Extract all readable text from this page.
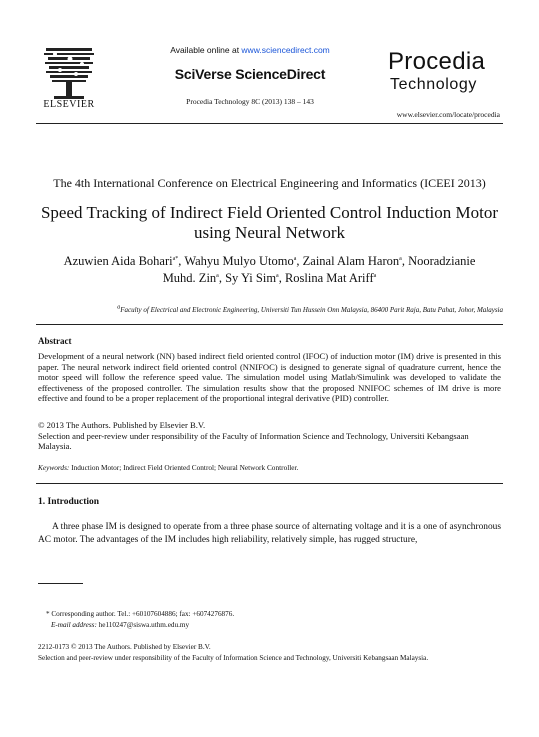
ELSEVIER
Available online at www.sciencedirect.com
SciVerse ScienceDirect
Procedia Technology 8C (2013) 138 – 143
Procedia
Technology
www.elsevier.com/locate/procedia
The 4th International Conference on Electrical Engineering and Informatics (ICEEI 2013)
Speed Tracking of Indirect Field Oriented Control Induction Motor using Neural Network
Azuwien Aida Bohari$^{a*}$, Wahyu Mulyo Utomo$^a$, Zainal Alam Haron$^a$, Nooradzianie Muhd. Zin$^a$, Sy Yi Sim$^a$, Roslina Mat Ariff$^a$
$^a$Faculty of Electrical and Electronic Engineering, Universiti Tun Hussein Onn Malaysia, 86400 Parit Raja, Batu Pahat, Johor, Malaysia
Abstract
Development of a neural network (NN) based indirect field oriented control (IFOC) of induction motor (IM) drive is presented in this paper. The neural network indirect field oriented control (NNIFOC) is designed to generate signal of quadrature current, hence the motor speed will follow the reference speed value. The simulation model using Matlab/Simulink was developed to validate the effectiveness of the proposed controller. The simulation results show that the proposed NNIFOC schemes of IM drive is more effective and found to be a proper replacement of the proportional integral derivative (PID) controller.
© 2013 The Authors. Published by Elsevier B.V.
Selection and peer-review under responsibility of the Faculty of Information Science and Technology, Universiti Kebangsaan Malaysia.
Keywords: Induction Motor; Indirect Field Oriented Control; Neural Network Controller.
1. Introduction
A three phase IM is designed to operate from a three phase source of alternating voltage and it is a one of asynchronous AC motor. The advantages of the IM includes high reliability, relatively simple, has rugged structure,
* Corresponding author. Tel.: +60107604886; fax: +6074276876.
E-mail address: he110247@siswa.uthm.edu.my
2212-0173 © 2013 The Authors. Published by Elsevier B.V.
Selection and peer-review under responsibility of the Faculty of Information Science and Technology, Universiti Kebangsaan Malaysia.
